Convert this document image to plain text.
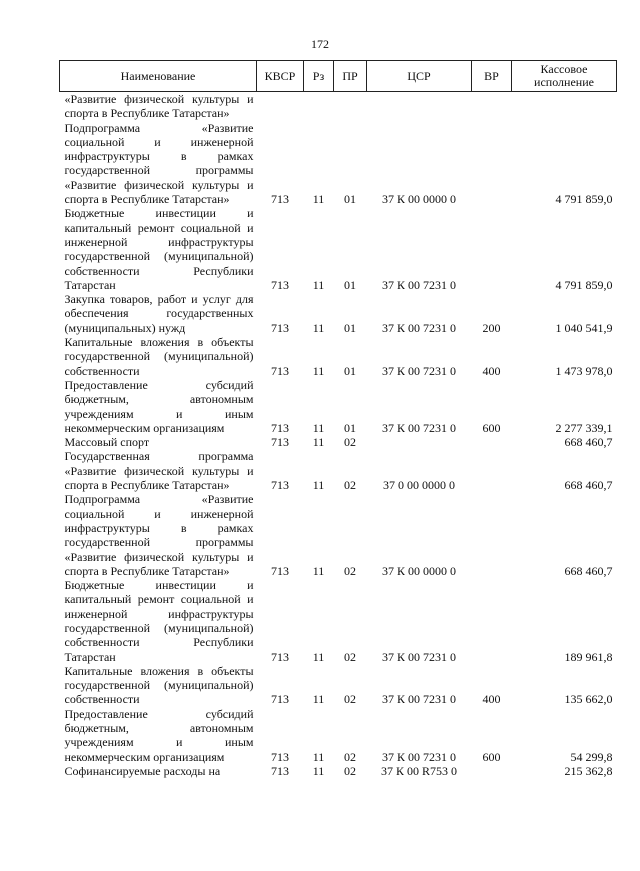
172
Наименование	КВСР	Рз	ПР	ЦСР	ВР	Кассовое исполнение
«Развитие физической культуры и спорта в Республике Татарстан»						
Подпрограмма «Развитие социальной и инженерной инфраструктуры в рамках государственной программы «Развитие физической культуры и спорта в Республике Татарстан»	713	11	01	37 К 00 0000 0		4 791 859,0
Бюджетные инвестиции и капитальный ремонт социальной и инженерной инфраструктуры государственной (муниципальной) собственности Республики Татарстан	713	11	01	37 К 00 7231 0		4 791 859,0
Закупка товаров, работ и услуг для обеспечения государственных (муниципальных) нужд	713	11	01	37 К 00 7231 0	200	1 040 541,9
Капитальные вложения в объекты государственной (муниципальной) собственности	713	11	01	37 К 00 7231 0	400	1 473 978,0
Предоставление субсидий бюджетным, автономным учреждениям и иным некоммерческим организациям	713	11	01	37 К 00 7231 0	600	2 277 339,1
Массовый спорт	713	11	02			668 460,7
Государственная программа «Развитие физической культуры и спорта в Республике Татарстан»	713	11	02	37 0 00 0000 0		668 460,7
Подпрограмма «Развитие социальной и инженерной инфраструктуры в рамках государственной программы «Развитие физической культуры и спорта в Республике Татарстан»	713	11	02	37 К 00 0000 0		668 460,7
Бюджетные инвестиции и капитальный ремонт социальной и инженерной инфраструктуры государственной (муниципальной) собственности Республики Татарстан	713	11	02	37 К 00 7231 0		189 961,8
Капитальные вложения в объекты государственной (муниципальной) собственности	713	11	02	37 К 00 7231 0	400	135 662,0
Предоставление субсидий бюджетным, автономным учреждениям и иным некоммерческим организациям	713	11	02	37 К 00 7231 0	600	54 299,8
Софинансируемые расходы на	713	11	02	37 К 00 R753 0		215 362,8
